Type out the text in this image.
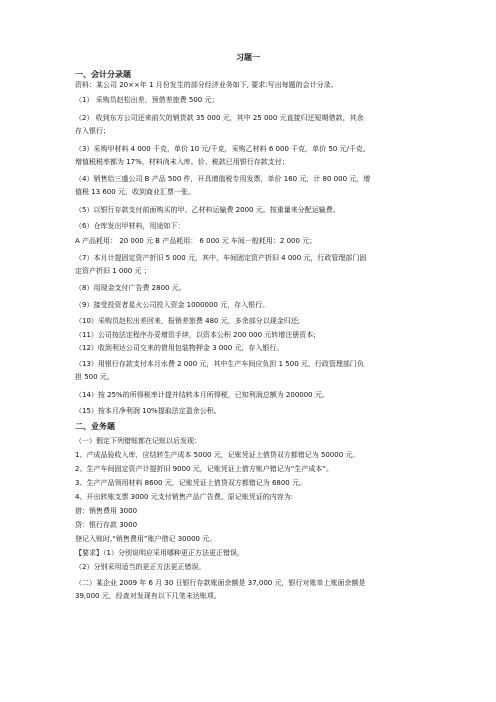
习题一
一、会计分录题
资料：某公司 20××年 1 月份发生的部分经济业务如下, 要求:写出每题的会计分录。
（1） 采购员赵松出差，预借差旅费 500 元；
（2） 收到东方公司还来前欠的销货款 35 000 元，其中 25 000 元直接归还短期借款，其余
存入银行；
（3）采购甲材料 4 000 千克，单价 10 元/千克，采购乙材料 6 000 千克，单价 50 元/千克。
增值税税率都为 17%，材料尚未入库。价、税款已用银行存款支付；
（4）销售给三盛公司 B 产品 500 件，开具增值税专用发票，单价 160 元，计 80 000 元，增
值税 13 600 元，收到商业汇票一张。
（5）以银行存款支付前面购买的甲、乙材料运输费 2000 元。按重量来分配运输费。
（6）仓库发出甲材料，用途如下：
A 产品耗用： 20 000 元 B 产品耗用： 6 000 元 车间一般耗用：2 000 元；
（7）本月计提固定资产折旧 5 000 元，其中，车间固定资产折旧 4 000 元，行政管理部门固
定资产折旧 1 000 元 ；
（8）用现金支付广告费 2800 元。
（9）接受投资者星火公司投入资金 1000000 元，存入银行。
（10）采购员赵松出差回来，报销差旅费 480 元，多余部分以现金归还;
（11）公司按法定程序办妥增资手续，以资本公积 200 000 元转增注册资本;
（12）收到利达公司交来的借用包装物押金 3 000 元，存入银行。
（13）用银行存款支付本月水费 2 000 元，其中生产车间应负担 1 500 元，行政管理部门负
担 500 元。
（14）按 25%的所得税率计提并结转本月所得税，已知利润总额为 200000 元。
（15）按本月净利润 10%提取法定盈余公积。
二、业务题
（一）假定下列错账都在记账以后发现：
1、产成品验收入库，应结转生产成本 5000 元，记账凭证上借贷双方都错记为 50000 元。
2、生产车间固定资产计提折旧 9000 元，记账凭证上借方账户错记为“生产成本”。
3、生产产品领用材料 8600 元，记账凭证上借贷双方都错记为 6800 元。
4、开出转账支票 3000 元支付销售产品广告费。原记账凭证的内容为:
借：销售费用 3000
贷：银行存款 3000
登记入账时,“销售费用”账户借记 30000 元。
【要求】（1）分别说明应采用哪种更正方法更正错误。
（2）分别采用适当的更正方法更正错误。
（二）某企业 2009 年 6 月 30 日银行存款账面余额是 37,000 元，银行对账单上账面余额是
39,000 元，经查对发现有以下几笔未达账项。
